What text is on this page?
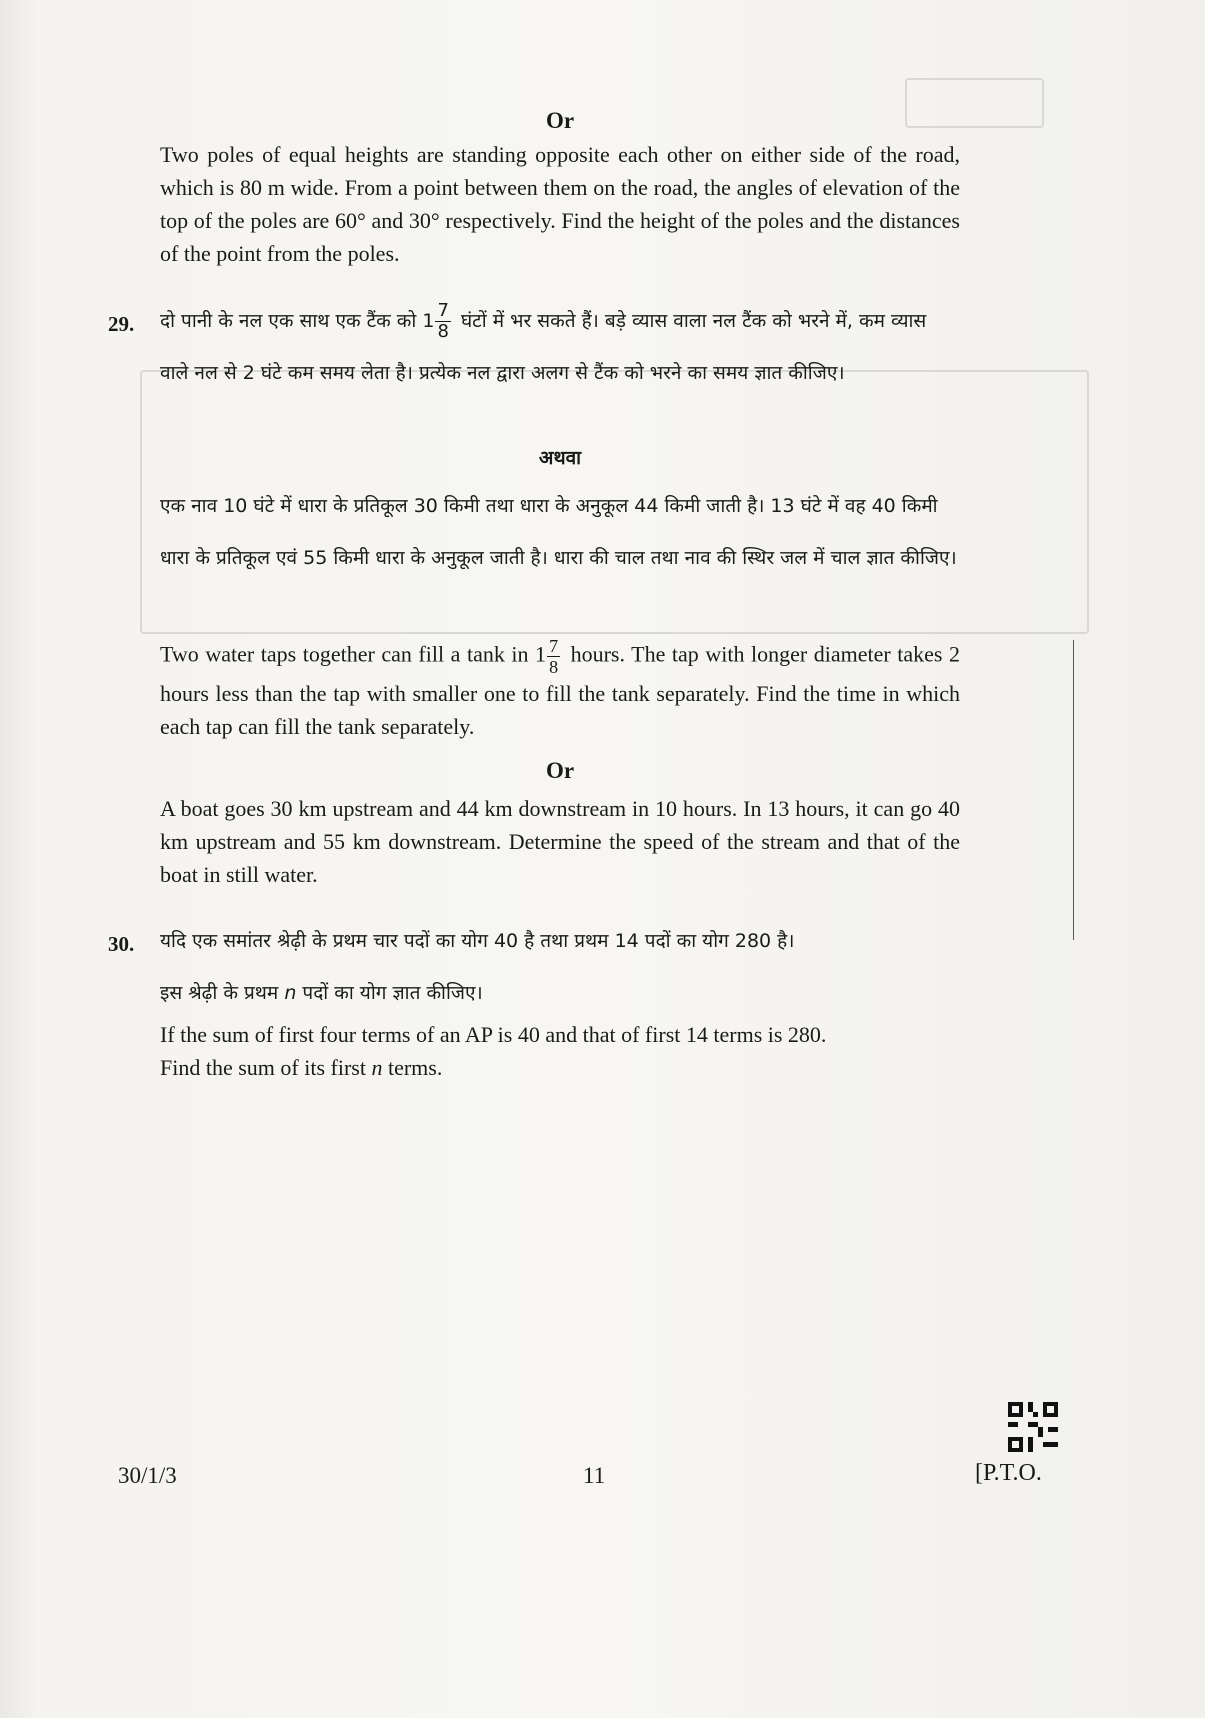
Or
Two poles of equal heights are standing opposite each other on either side of the road, which is 80 m wide. From a point between them on the road, the angles of elevation of the top of the poles are 60° and 30° respectively. Find the height of the poles and the distances of the point from the poles.
29. दो पानी के नल एक साथ एक टैंक को $1 \frac{7}{8}$ घंटों में भर सकते हैं। बड़े व्यास वाला नल टैंक को भरने में, कम व्यास वाले नल से 2 घंटे कम समय लेता है। प्रत्येक नल द्वारा अलग से टैंक को भरने का समय ज्ञात कीजिए।
अथवा
एक नाव 10 घंटे में धारा के प्रतिकूल 30 किमी तथा धारा के अनुकूल 44 किमी जाती है। 13 घंटे में वह 40 किमी धारा के प्रतिकूल एवं 55 किमी धारा के अनुकूल जाती है। धारा की चाल तथा नाव की स्थिर जल में चाल ज्ञात कीजिए।
Two water taps together can fill a tank in $1 \frac{7}{8}$ hours. The tap with longer diameter takes 2 hours less than the tap with smaller one to fill the tank separately. Find the time in which each tap can fill the tank separately.
Or
A boat goes 30 km upstream and 44 km downstream in 10 hours. In 13 hours, it can go 40 km upstream and 55 km downstream. Determine the speed of the stream and that of the boat in still water.
30. यदि एक समांतर श्रेढ़ी के प्रथम चार पदों का योग 40 है तथा प्रथम 14 पदों का योग 280 है।
इस श्रेढ़ी के प्रथम n पदों का योग ज्ञात कीजिए।
If the sum of first four terms of an AP is 40 and that of first 14 terms is 280.
Find the sum of its first n terms.
30/1/3	11	[P.T.O.
